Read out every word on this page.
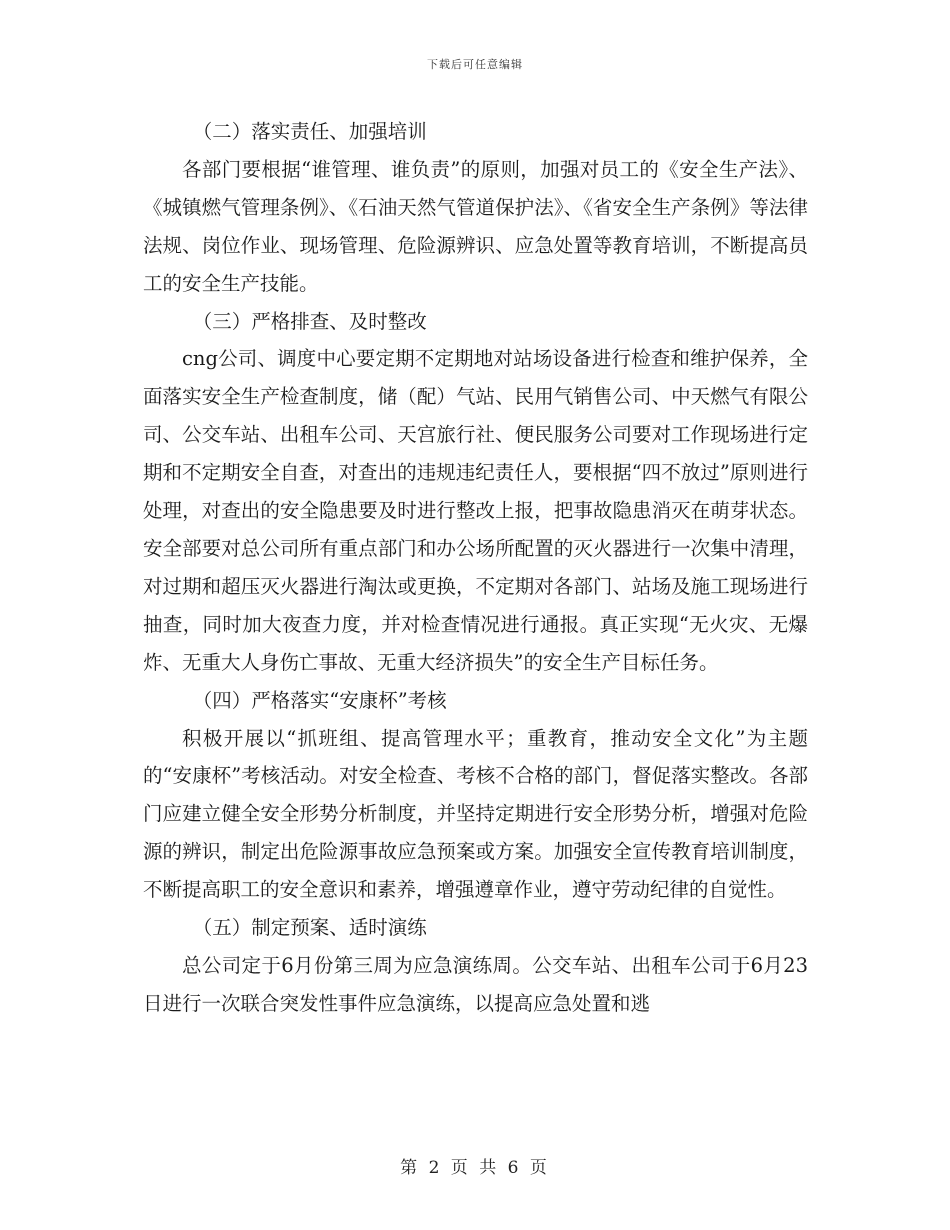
下载后可任意编辑

（二）落实责任、加强培训

各部门要根据“谁管理、谁负责”的原则，加强对员工的《安全生产法》、《城镇燃气管理条例》、《石油天然气管道保护法》、《省安全生产条例》等法律法规、岗位作业、现场管理、危险源辨识、应急处置等教育培训，不断提高员工的安全生产技能。

（三）严格排查、及时整改

cng公司、调度中心要定期不定期地对站场设备进行检查和维护保养，全面落实安全生产检查制度，储（配）气站、民用气销售公司、中天燃气有限公司、公交车站、出租车公司、天宫旅行社、便民服务公司要对工作现场进行定期和不定期安全自查，对查出的违规违纪责任人，要根据“四不放过”原则进行处理，对查出的安全隐患要及时进行整改上报，把事故隐患消灭在萌芽状态。安全部要对总公司所有重点部门和办公场所配置的灭火器进行一次集中清理，对过期和超压灭火器进行淘汰或更换，不定期对各部门、站场及施工现场进行抽查，同时加大夜查力度，并对检查情况进行通报。真正实现“无火灾、无爆炸、无重大人身伤亡事故、无重大经济损失”的安全生产目标任务。

（四）严格落实“安康杯”考核

积极开展以“抓班组、提高管理水平；重教育，推动安全文化”为主题的“安康杯”考核活动。对安全检查、考核不合格的部门，督促落实整改。各部门应建立健全安全形势分析制度，并坚持定期进行安全形势分析，增强对危险源的辨识，制定出危险源事故应急预案或方案。加强安全宣传教育培训制度，不断提高职工的安全意识和素养，增强遵章作业，遵守劳动纪律的自觉性。

（五）制定预案、适时演练

总公司定于6月份第三周为应急演练周。公交车站、出租车公司于6月23日进行一次联合突发性事件应急演练，以提高应急处置和逃

第 2 页 共 6 页
